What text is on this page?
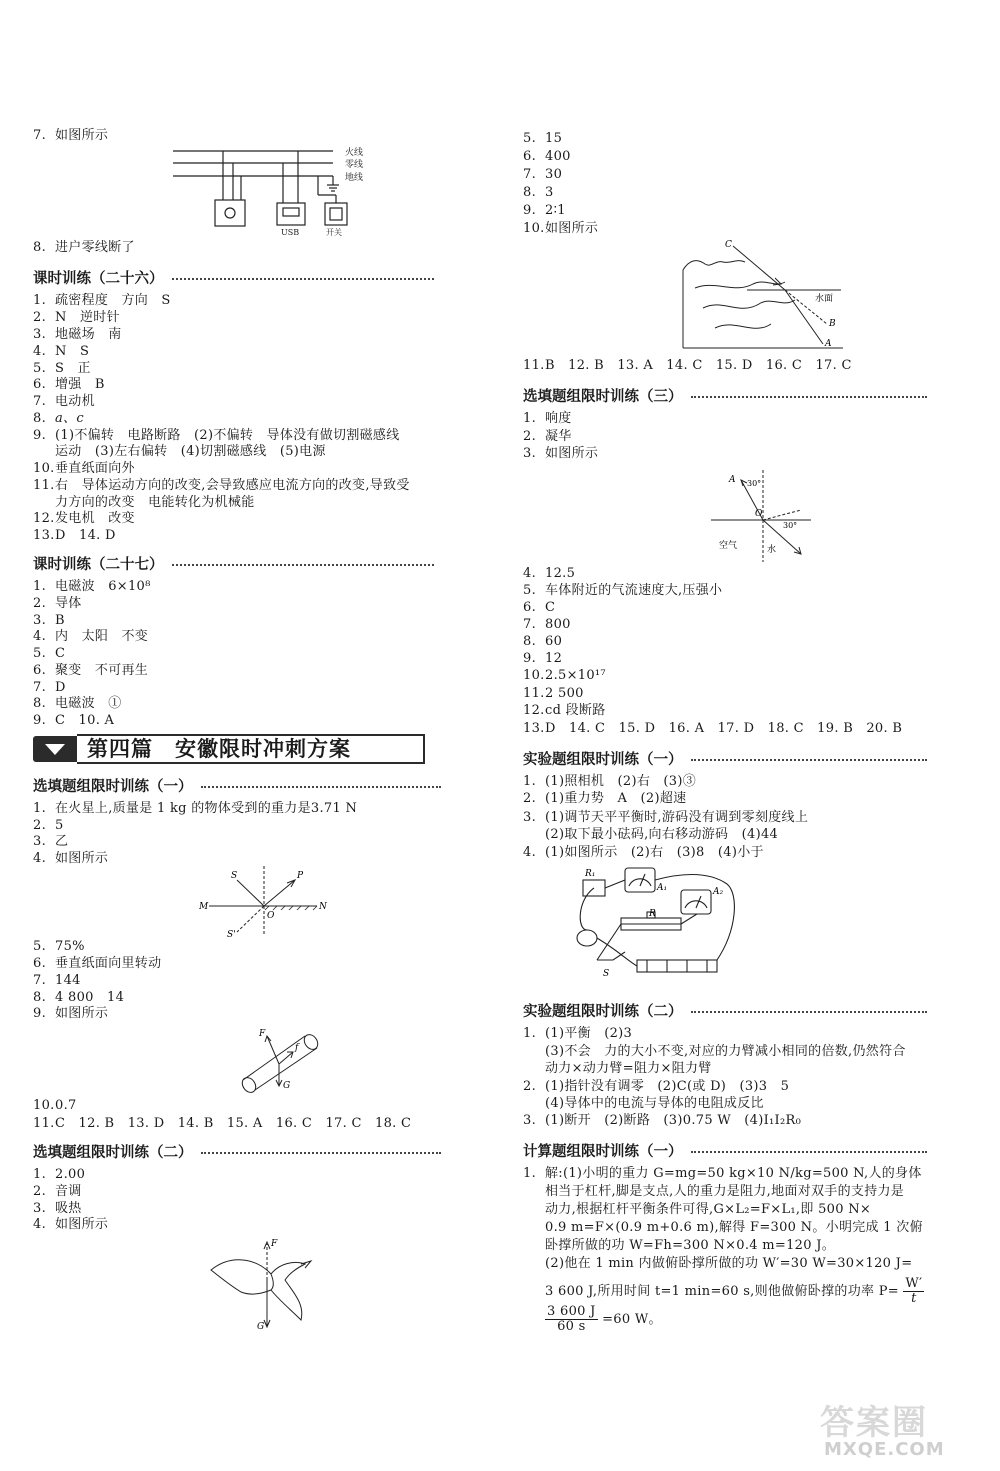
7. 如图所示
火线
零线
地线
USB	开关
8. 进户零线断了
课时训练（二十六）
1. 疏密程度　方向　S
2. N　逆时针
3. 地磁场　南
4. N　S
5. S　正
6. 增强　B
7. 电动机
8. a、c
9. (1)不偏转　电路断路　(2)不偏转　导体没有做切割磁感线
运动　(3)左右偏转　(4)切割磁感线　(5)电源
10.垂直纸面向外
11.右　导体运动方向的改变,会导致感应电流方向的改变,导致受
力方向的改变　电能转化为机械能
12.发电机　改变
13.D　14. D
课时训练（二十七）
1. 电磁波　6×10⁸
2. 导体
3. B
4. 内　太阳　不变
5. C
6. 聚变　不可再生
7. D
8. 电磁波　①
9. C　10. A
第四篇　安徽限时冲刺方案
选填题组限时训练（一）
1. 在火星上,质量是 1 kg 的物体受到的重力是3.71 N
2. 5
3. 乙
4. 如图所示
S	P
M	N
O
S'
5. 75%
6. 垂直纸面向里转动
7. 144
8. 4 800　14
9. 如图所示
F
f
G
10.0.7
11.C　12. B　13. D　14. B　15. A　16. C　17. C　18. C
选填题组限时训练（二）
1. 2.00
2. 音调
3. 吸热
4. 如图所示
F
G
5. 15
6. 400
7. 30
8. 3
9. 2∶1
10.如图所示
C
水面
B
A
11.B　12. B　13. A　14. C　15. D　16. C　17. C
选填题组限时训练（三）
1. 响度
2. 凝华
3. 如图所示
A 30°
O
30°
空气	水
4. 12.5
5. 车体附近的气流速度大,压强小
6. C
7. 800
8. 60
9. 12
10.2.5×10¹⁷
11.2 500
12.cd 段断路
13.D　14. C　15. D　16. A　17. D　18. C　19. B　20. B
实验题组限时训练（一）
1. (1)照相机　(2)右　(3)③
2. (1)重力势　A　(2)超速
3. (1)调节天平平衡时,游码没有调到零刻度线上
(2)取下最小砝码,向右移动游码　(4)44
4. (1)如图所示　(2)右　(3)8　(4)小于
R₁
A₁	A₂
R
S
实验题组限时训练（二）
1. (1)平衡　(2)3
(3)不会　力的大小不变,对应的力臂减小相同的倍数,仍然符合
动力×动力臂=阻力×阻力臂
2. (1)指针没有调零　(2)C(或 D)　(3)3　5
(4)导体中的电流与导体的电阻成反比
3. (1)断开　(2)断路　(3)0.75 W　(4)I₁I₂R₀
计算题组限时训练（一）
1. 解:(1)小明的重力 G=mg=50 kg×10 N/kg=500 N,人的身体
相当于杠杆,脚是支点,人的重力是阻力,地面对双手的支持力是
动力,根据杠杆平衡条件可得,G×L₂=F×L₁,即 500 N×
0.9 m=F×(0.9 m+0.6 m),解得 F=300 N。小明完成 1 次俯
卧撑所做的功 W=Fh=300 N×0.4 m=120 J。
(2)他在 1 min 内做俯卧撑所做的功 W′=30 W=30×120 J=
3 600 J,所用时间 t=1 min=60 s,则他做俯卧撑的功率 $P= \frac{W'}{t}$
$\frac{3 600 J}{60 s} =60$ W。
答案圈
MXQE.COM
